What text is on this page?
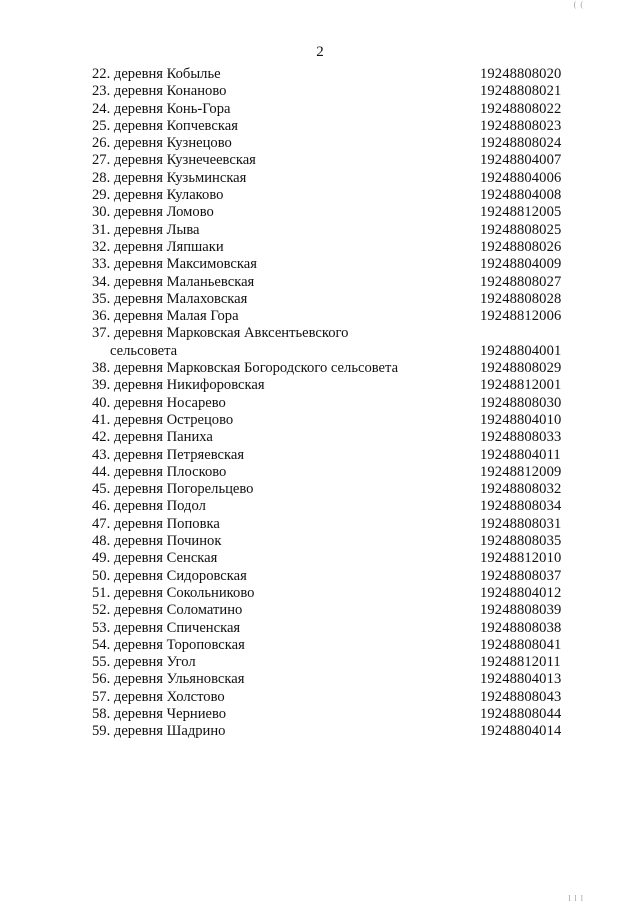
( (
2
22. деревня Кобылье	19248808020
23. деревня Конаново	19248808021
24. деревня Конь-Гора	19248808022
25. деревня Копчевская	19248808023
26. деревня Кузнецово	19248808024
27. деревня Кузнечеевская	19248804007
28. деревня Кузьминская	19248804006
29. деревня Кулаково	19248804008
30. деревня Ломово	19248812005
31. деревня Лыва	19248808025
32. деревня Ляпшаки	19248808026
33. деревня Максимовская	19248804009
34. деревня Маланьевская	19248808027
35. деревня Малаховская	19248808028
36. деревня Малая Гора	19248812006
37. деревня Марковская Авксентьевского
сельсовета	19248804001
38. деревня Марковская Богородского сельсовета	19248808029
39. деревня Никифоровская	19248812001
40. деревня Носарево	19248808030
41. деревня Острецово	19248804010
42. деревня Паниха	19248808033
43. деревня Петряевская	19248804011
44. деревня Плосково	19248812009
45. деревня Погорельцево	19248808032
46. деревня Подол	19248808034
47. деревня Поповка	19248808031
48. деревня Починок	19248808035
49. деревня Сенская	19248812010
50. деревня Сидоровская	19248808037
51. деревня Сокольниково	19248804012
52. деревня Соломатино	19248808039
53. деревня Спиченская	19248808038
54. деревня Тороповская	19248808041
55. деревня Угол	19248812011
56. деревня Ульяновская	19248804013
57. деревня Холстово	19248808043
58. деревня Черниево	19248808044
59. деревня Шадрино	19248804014
l l l
